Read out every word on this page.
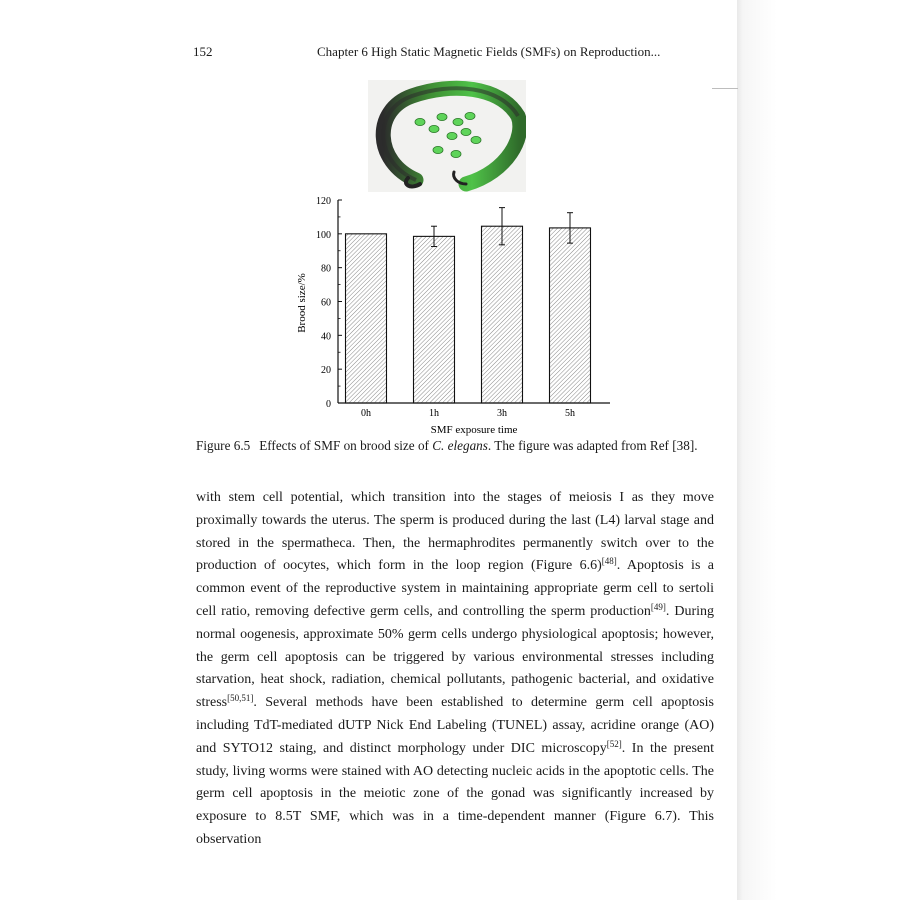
152	Chapter 6 High Static Magnetic Fields (SMFs) on Reproduction...
0
20
40
60
80
100
120
0h	1h	3h	5h
SMF exposure time
Brood size/%
Figure 6.5 Effects of SMF on brood size of C. elegans. The figure was adapted from Ref [38].
with stem cell potential, which transition into the stages of meiosis I as they move proximally towards the uterus. The sperm is produced during the last (L4) larval stage and stored in the spermatheca. Then, the hermaphrodites permanently switch over to the production of oocytes, which form in the loop region (Figure 6.6)[48]. Apoptosis is a common event of the reproductive system in maintaining appropriate germ cell to sertoli cell ratio, removing defective germ cells, and controlling the sperm production[49]. During normal oogenesis, approximate 50% germ cells undergo physiological apoptosis; however, the germ cell apoptosis can be triggered by various environmental stresses including starvation, heat shock, radiation, chemical pollutants, pathogenic bacterial, and oxidative stress[50,51]. Several methods have been established to determine germ cell apoptosis including TdT-mediated dUTP Nick End Labeling (TUNEL) assay, acridine orange (AO) and SYTO12 staing, and distinct morphology under DIC microscopy[52]. In the present study, living worms were stained with AO detecting nucleic acids in the apoptotic cells. The germ cell apoptosis in the meiotic zone of the gonad was significantly increased by exposure to 8.5T SMF, which was in a time-dependent manner (Figure 6.7). This observation
